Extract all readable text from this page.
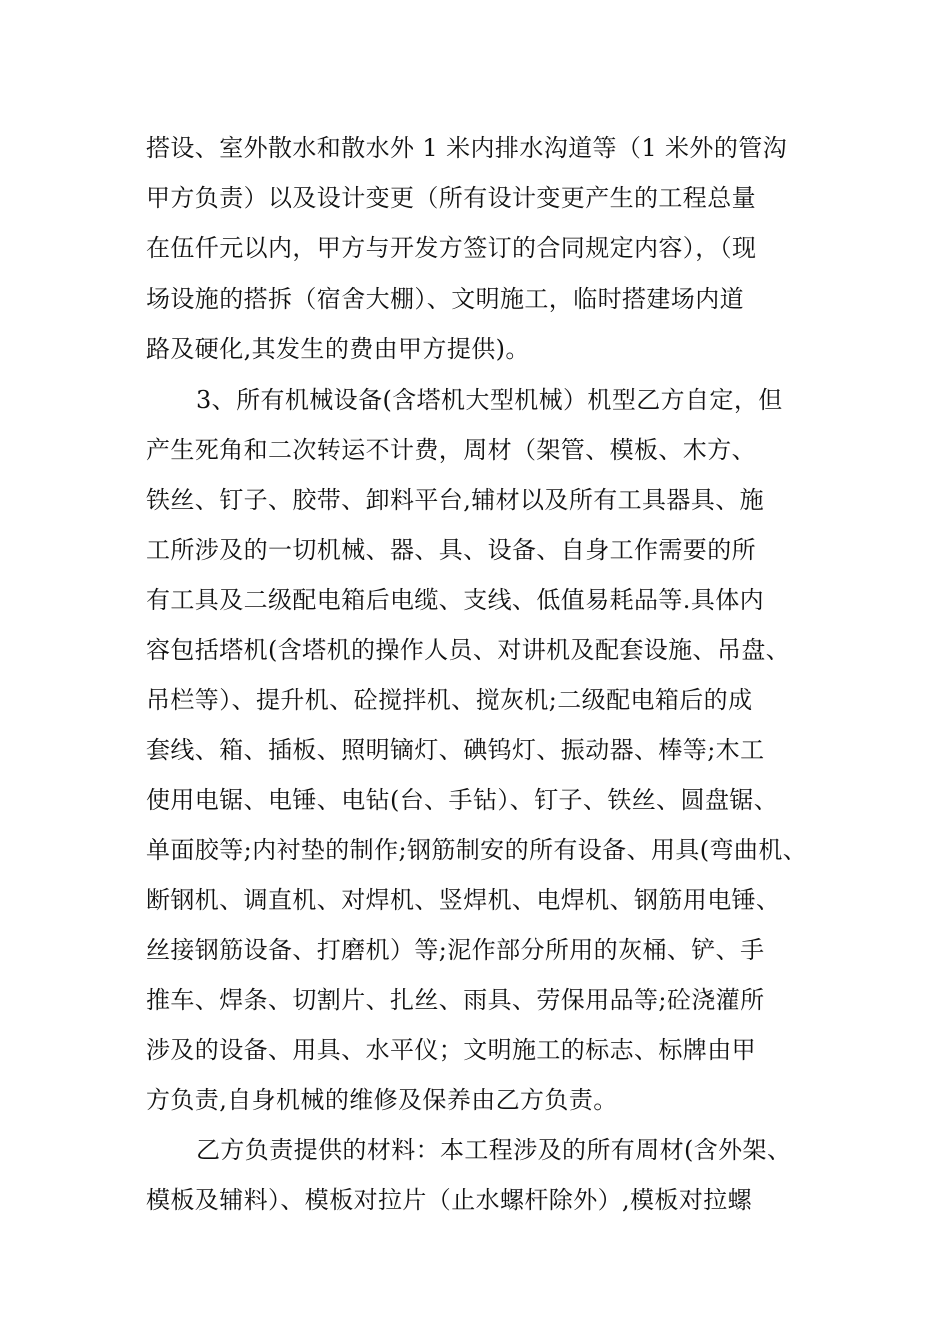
搭设、室外散水和散水外 1 米内排水沟道等（1 米外的管沟
甲方负责）以及设计变更（所有设计变更产生的工程总量
在伍仟元以内，甲方与开发方签订的合同规定内容），（现
场设施的搭拆（宿舍大棚）、文明施工，临时搭建场内道
路及硬化,其发生的费由甲方提供)。
3、所有机械设备(含塔机大型机械）机型乙方自定，但
产生死角和二次转运不计费，周材（架管、模板、木方、
铁丝、钉子、胶带、卸料平台,辅材以及所有工具器具、施
工所涉及的一切机械、器、具、设备、自身工作需要的所
有工具及二级配电箱后电缆、支线、低值易耗品等.具体内
容包括塔机(含塔机的操作人员、对讲机及配套设施、吊盘、
吊栏等）、提升机、砼搅拌机、搅灰机;二级配电箱后的成
套线、箱、插板、照明镝灯、碘钨灯、振动器、棒等;木工
使用电锯、电锤、电钻(台、手钻）、钉子、铁丝、圆盘锯、
单面胶等;内衬垫的制作;钢筋制安的所有设备、用具(弯曲机、
断钢机、调直机、对焊机、竖焊机、电焊机、钢筋用电锤、
丝接钢筋设备、打磨机）等;泥作部分所用的灰桶、铲、手
推车、焊条、切割片、扎丝、雨具、劳保用品等;砼浇灌所
涉及的设备、用具、水平仪；文明施工的标志、标牌由甲
方负责,自身机械的维修及保养由乙方负责。
乙方负责提供的材料：本工程涉及的所有周材(含外架、
模板及辅料）、模板对拉片（止水螺杆除外）,模板对拉螺
